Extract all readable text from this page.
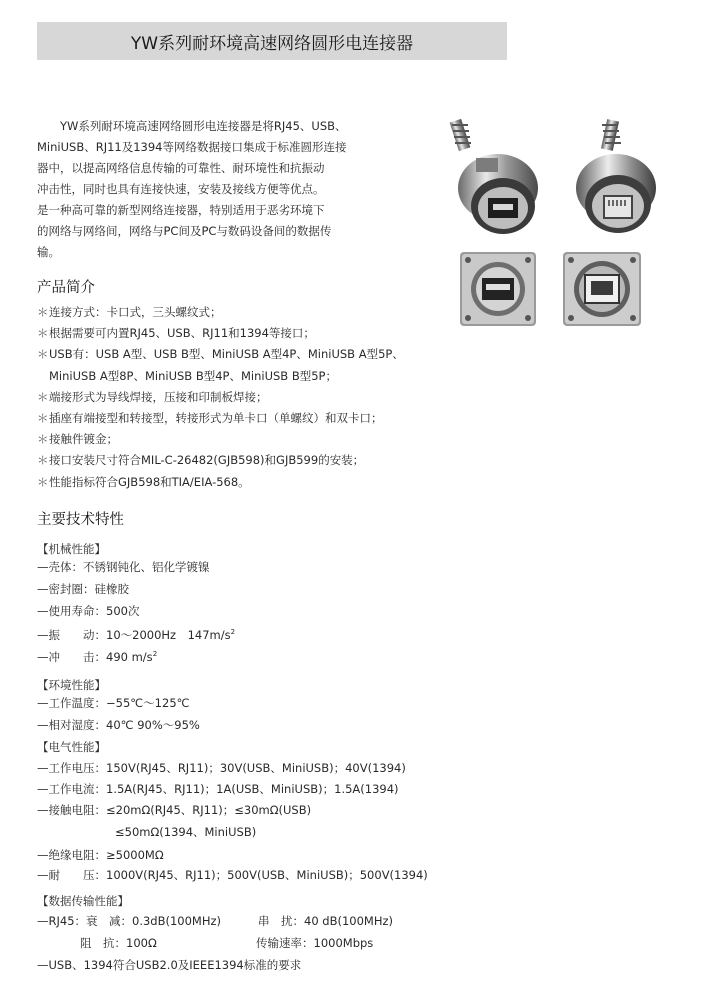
YW系列耐环境高速网络圆形电连接器
YW系列耐环境高速网络圆形电连接器是将RJ45、USB、
MiniUSB、RJ11及1394等网络数据接口集成于标准圆形连接
器中，以提高网络信息传输的可靠性、耐环境性和抗振动
冲击性，同时也具有连接快速，安装及接线方便等优点。
是一种高可靠的新型网络连接器，特别适用于恶劣环境下
的网络与网络间，网络与PC间及PC与数码设备间的数据传
输。
产品简介
＊连接方式：卡口式，三头螺纹式；
＊根据需要可内置RJ45、USB、RJ11和1394等接口；
＊USB有：USB A型、USB B型、MiniUSB A型4P、MiniUSB A型5P、
MiniUSB A型8P、MiniUSB B型4P、MiniUSB B型5P；
＊端接形式为导线焊接，压接和印制板焊接；
＊插座有端接型和转接型，转接形式为单卡口（单螺纹）和双卡口；
＊接触件镀金；
＊接口安装尺寸符合MIL-C-26482(GJB598)和GJB599的安装；
＊性能指标符合GJB598和TIA/EIA-568。
主要技术特性
【机械性能】
—壳体：不锈钢钝化、铝化学镀镍
—密封圈：硅橡胶
—使用寿命：500次
—振　　动：10～2000Hz　$147m/s^2$
—冲　　击：490 $m/s^2$
【环境性能】
—工作温度：−55℃～125℃
—相对湿度：40℃ 90%～95%
【电气性能】
—工作电压：150V(RJ45、RJ11)；30V(USB、MiniUSB)；40V(1394)
—工作电流：1.5A(RJ45、RJ11)；1A(USB、MiniUSB)；1.5A(1394)
—接触电阻：≤20mΩ(RJ45、RJ11)；≤30mΩ(USB)
≤50mΩ(1394、MiniUSB)
—绝缘电阻：≥5000MΩ
—耐　　压：1000V(RJ45、RJ11)；500V(USB、MiniUSB)；500V(1394)
【数据传输性能】
—RJ45：衰　减：0.3dB(100MHz)	串　扰：40 dB(100MHz)
阻　抗：100Ω	传输速率：1000Mbps
—USB、1394符合USB2.0及IEEE1394标准的要求
